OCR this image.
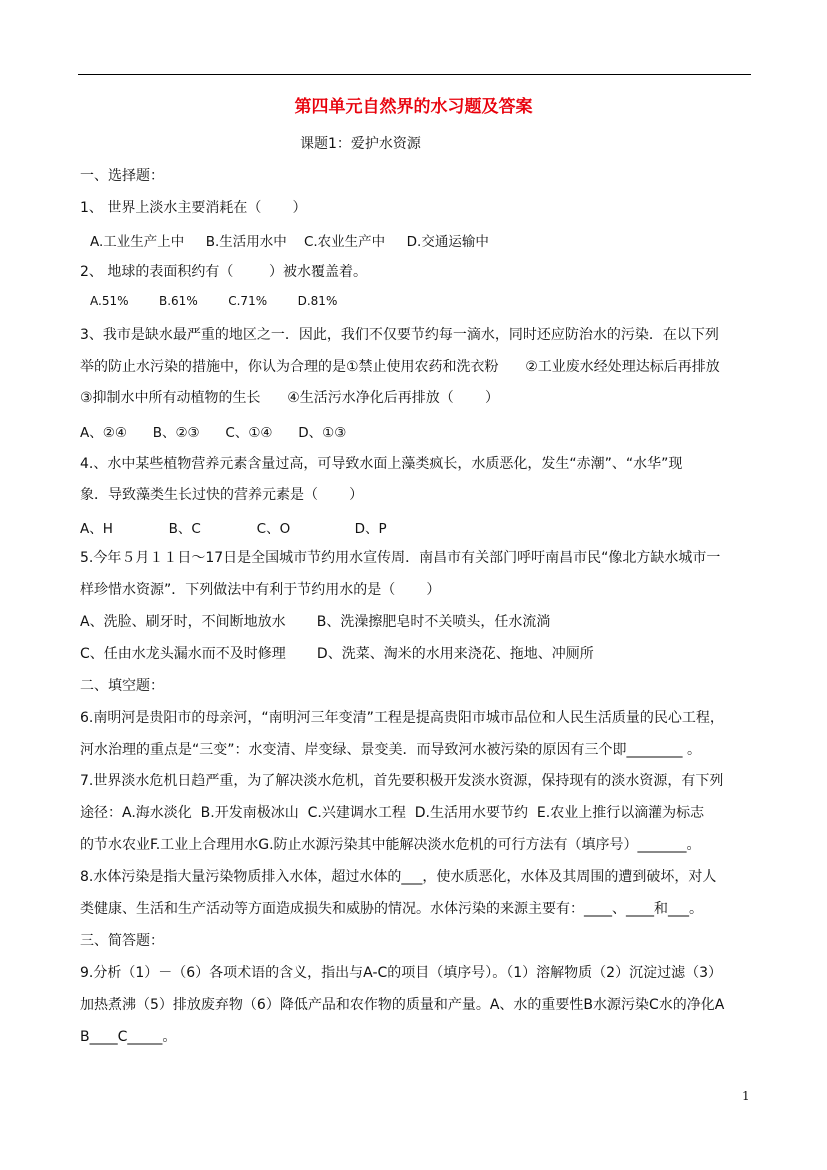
第四单元自然界的水习题及答案
课题1：爱护水资源
一、选择题：
1、 世界上淡水主要消耗在（       ）
A.工业生产上中     B.生活用水中    C.农业生产中     D.交通运输中
2、 地球的表面积约有（        ）被水覆盖着。
A.51%        B.61%        C.71%        D.81%
3、我市是缺水最严重的地区之一．因此，我们不仅要节约每一滴水，同时还应防治水的污染．在以下列
举的防止水污染的措施中，你认为合理的是①禁止使用农药和洗衣粉      ②工业废水经处理达标后再排放
③抑制水中所有动植物的生长      ④生活污水净化后再排放（       ）
A、②④      B、②③      C、①④      D、①③
4.、水中某些植物营养元素含量过高，可导致水面上藻类疯长，水质恶化，发生“赤潮”、“水华”现
象．导致藻类生长过快的营养元素是（       ）
A、H             B、C             C、O               D、P
5.今年５月１１日～17日是全国城市节约用水宣传周．南昌市有关部门呼吁南昌市民“像北方缺水城市一
样珍惜水资源”．下列做法中有利于节约用水的是（       ）
A、洗脸、刷牙时，不间断地放水       B、洗澡擦肥皂时不关喷头，任水流淌
C、任由水龙头漏水而不及时修理       D、洗菜、淘米的水用来浇花、拖地、冲厕所
二、填空题：
6.南明河是贵阳市的母亲河，“南明河三年变清”工程是提高贵阳市城市品位和人民生活质量的民心工程，
河水治理的重点是“三变”：水变清、岸变绿、景变美．而导致河水被污染的原因有三个即________ 。
7.世界淡水危机日趋严重，为了解决淡水危机，首先要积极开发淡水资源，保持现有的淡水资源，有下列
途径：A.海水淡化  B.开发南极冰山  C.兴建调水工程  D.生活用水要节约  E.农业上推行以滴灌为标志
的节水农业F.工业上合理用水G.防止水源污染其中能解决淡水危机的可行方法有（填序号）_______。
8.水体污染是指大量污染物质排入水体，超过水体的___，使水质恶化，水体及其周围的遭到破坏，对人
类健康、生活和生产活动等方面造成损失和威胁的情况。水体污染的来源主要有：____、____和___。
三、简答题：
9.分析（1）－（6）各项术语的含义，指出与A-C的项目（填序号）。（1）溶解物质（2）沉淀过滤（3）
加热煮沸（5）排放废弃物（6）降低产品和农作物的质量和产量。A、水的重要性B水源污染C水的净化A
B____C_____。
1
